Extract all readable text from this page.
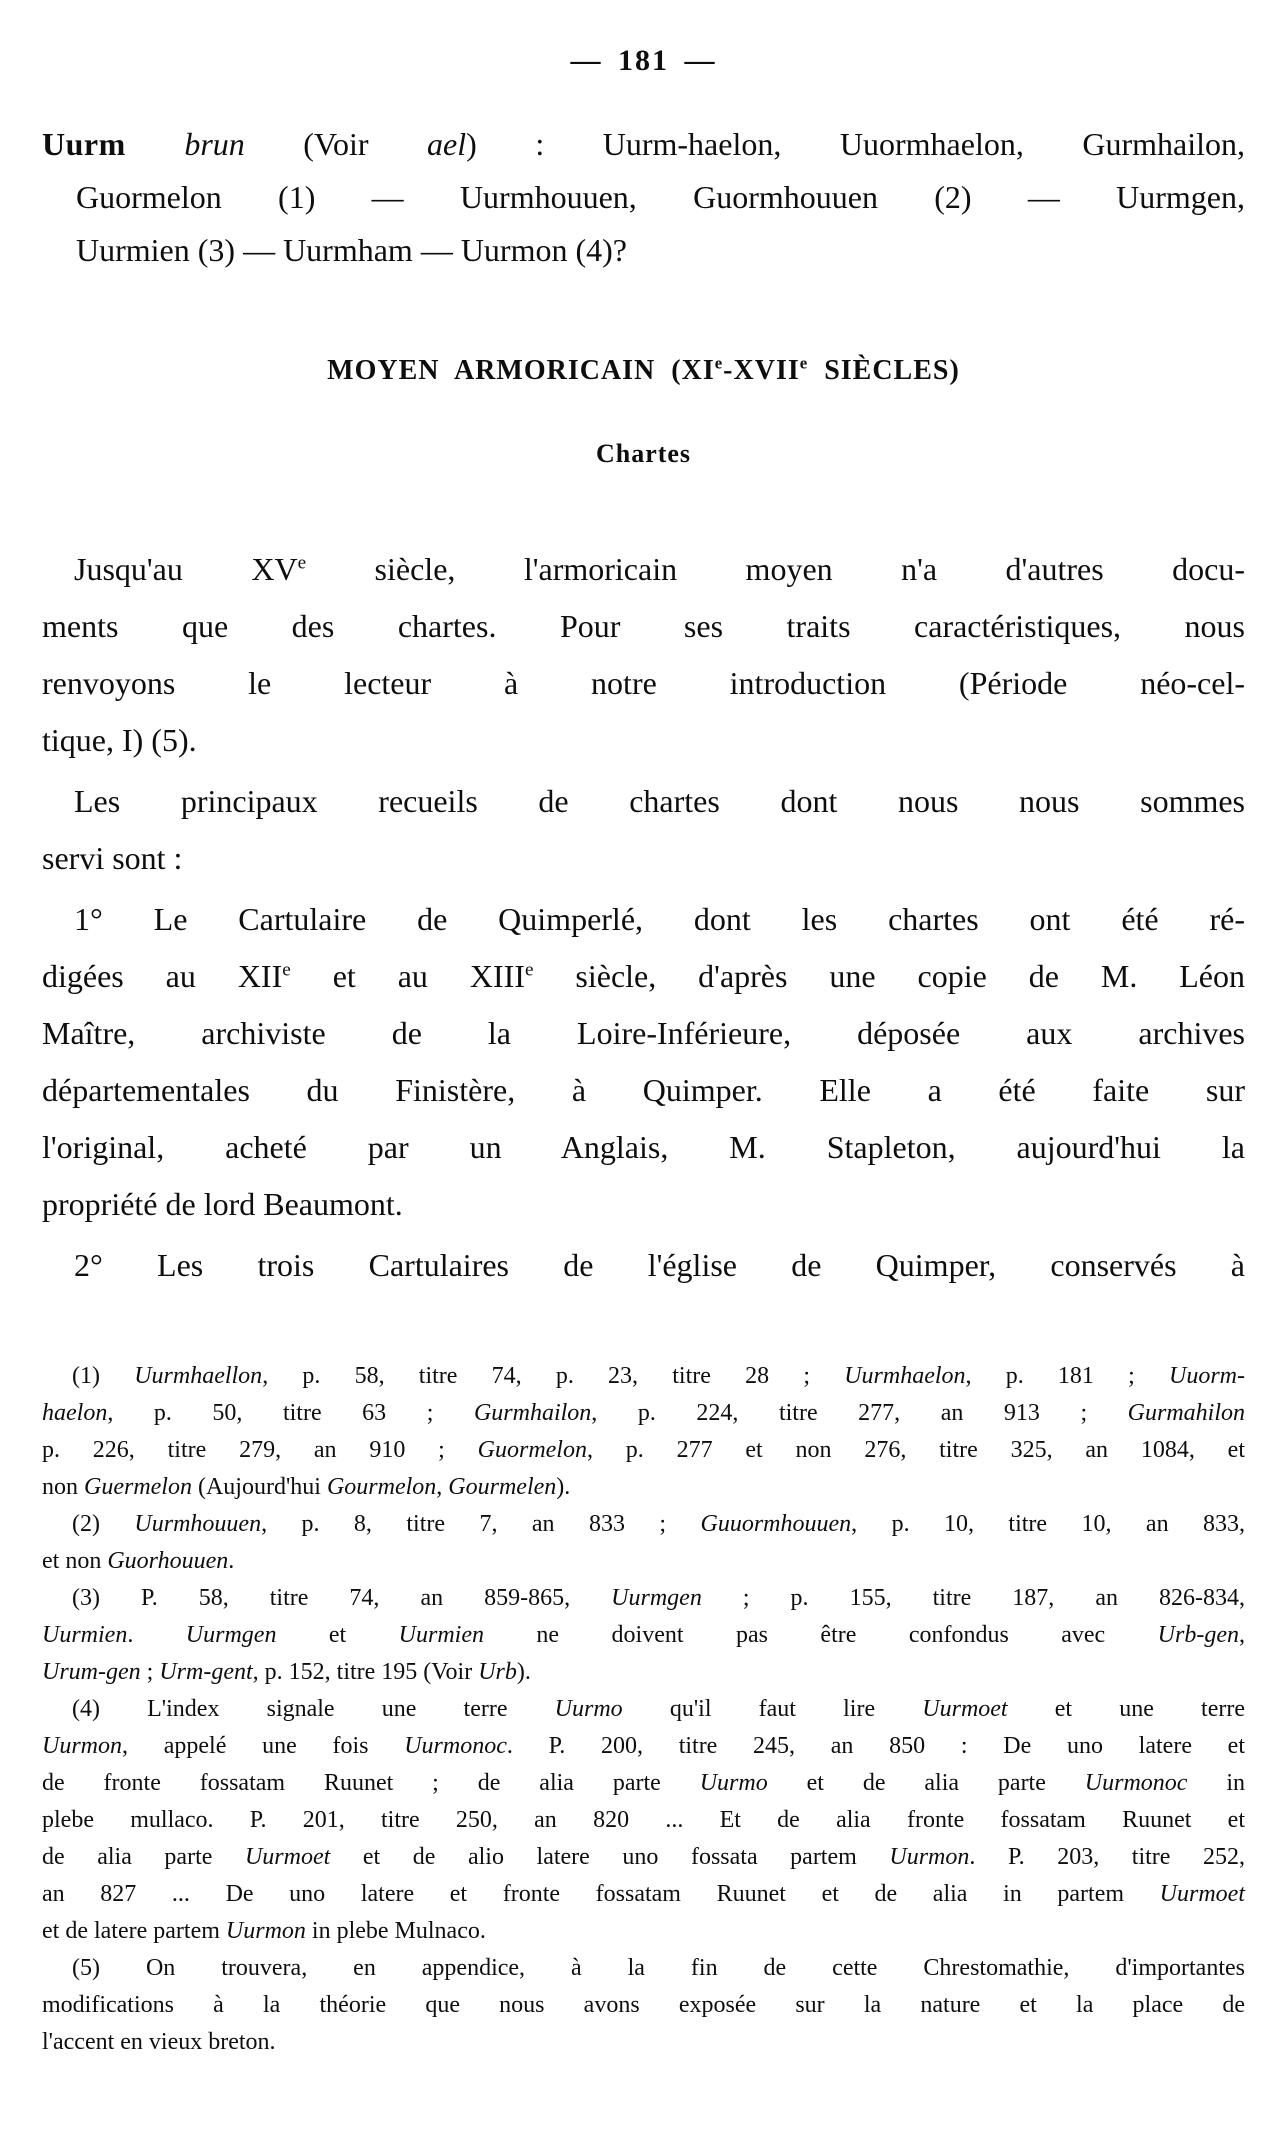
— 181 —
Uurm brun (Voir ael) : Uurm-haelon, Uuormhaelon, Gurmhailon,
Guormelon (1) — Uurmhouuen, Guormhouuen (2) — Uurmgen,
Uurmien (3) — Uurmham — Uurmon (4)?
MOYEN ARMORICAIN (XIe-XVIIe SIÈCLES)
Chartes
Jusqu'au XVe siècle, l'armoricain moyen n'a d'autres docu-
ments que des chartes. Pour ses traits caractéristiques, nous
renvoyons le lecteur à notre introduction (Période néo-cel-
tique, I) (5).
Les principaux recueils de chartes dont nous nous sommes
servi sont :
1° Le Cartulaire de Quimperlé, dont les chartes ont été ré-
digées au XIIe et au XIIIe siècle, d'après une copie de M. Léon
Maître, archiviste de la Loire-Inférieure, déposée aux archives
départementales du Finistère, à Quimper. Elle a été faite sur
l'original, acheté par un Anglais, M. Stapleton, aujourd'hui la
propriété de lord Beaumont.
2° Les trois Cartulaires de l'église de Quimper, conservés à
(1) Uurmhaellon, p. 58, titre 74, p. 23, titre 28 ; Uurmhaelon, p. 181 ; Uuorm-
haelon, p. 50, titre 63 ; Gurmhailon, p. 224, titre 277, an 913 ; Gurmahilon
p. 226, titre 279, an 910 ; Guormelon, p. 277 et non 276, titre 325, an 1084, et
non Guermelon (Aujourd'hui Gourmelon, Gourmelen).
(2) Uurmhouuen, p. 8, titre 7, an 833 ; Guuormhouuen, p. 10, titre 10, an 833,
et non Guorhouuen.
(3) P. 58, titre 74, an 859-865, Uurmgen ; p. 155, titre 187, an 826-834,
Uurmien. Uurmgen et Uurmien ne doivent pas être confondus avec Urb-gen,
Urum-gen ; Urm-gent, p. 152, titre 195 (Voir Urb).
(4) L'index signale une terre Uurmo qu'il faut lire Uurmoet et une terre
Uurmon, appelé une fois Uurmonoc. P. 200, titre 245, an 850 : De uno latere et
de fronte fossatam Ruunet ; de alia parte Uurmo et de alia parte Uurmonoc in
plebe mullaco. P. 201, titre 250, an 820 ... Et de alia fronte fossatam Ruunet et
de alia parte Uurmoet et de alio latere uno fossata partem Uurmon. P. 203, titre 252,
an 827 ... De uno latere et fronte fossatam Ruunet et de alia in partem Uurmoet
et de latere partem Uurmon in plebe Mulnaco.
(5) On trouvera, en appendice, à la fin de cette Chrestomathie, d'importantes
modifications à la théorie que nous avons exposée sur la nature et la place de
l'accent en vieux breton.
